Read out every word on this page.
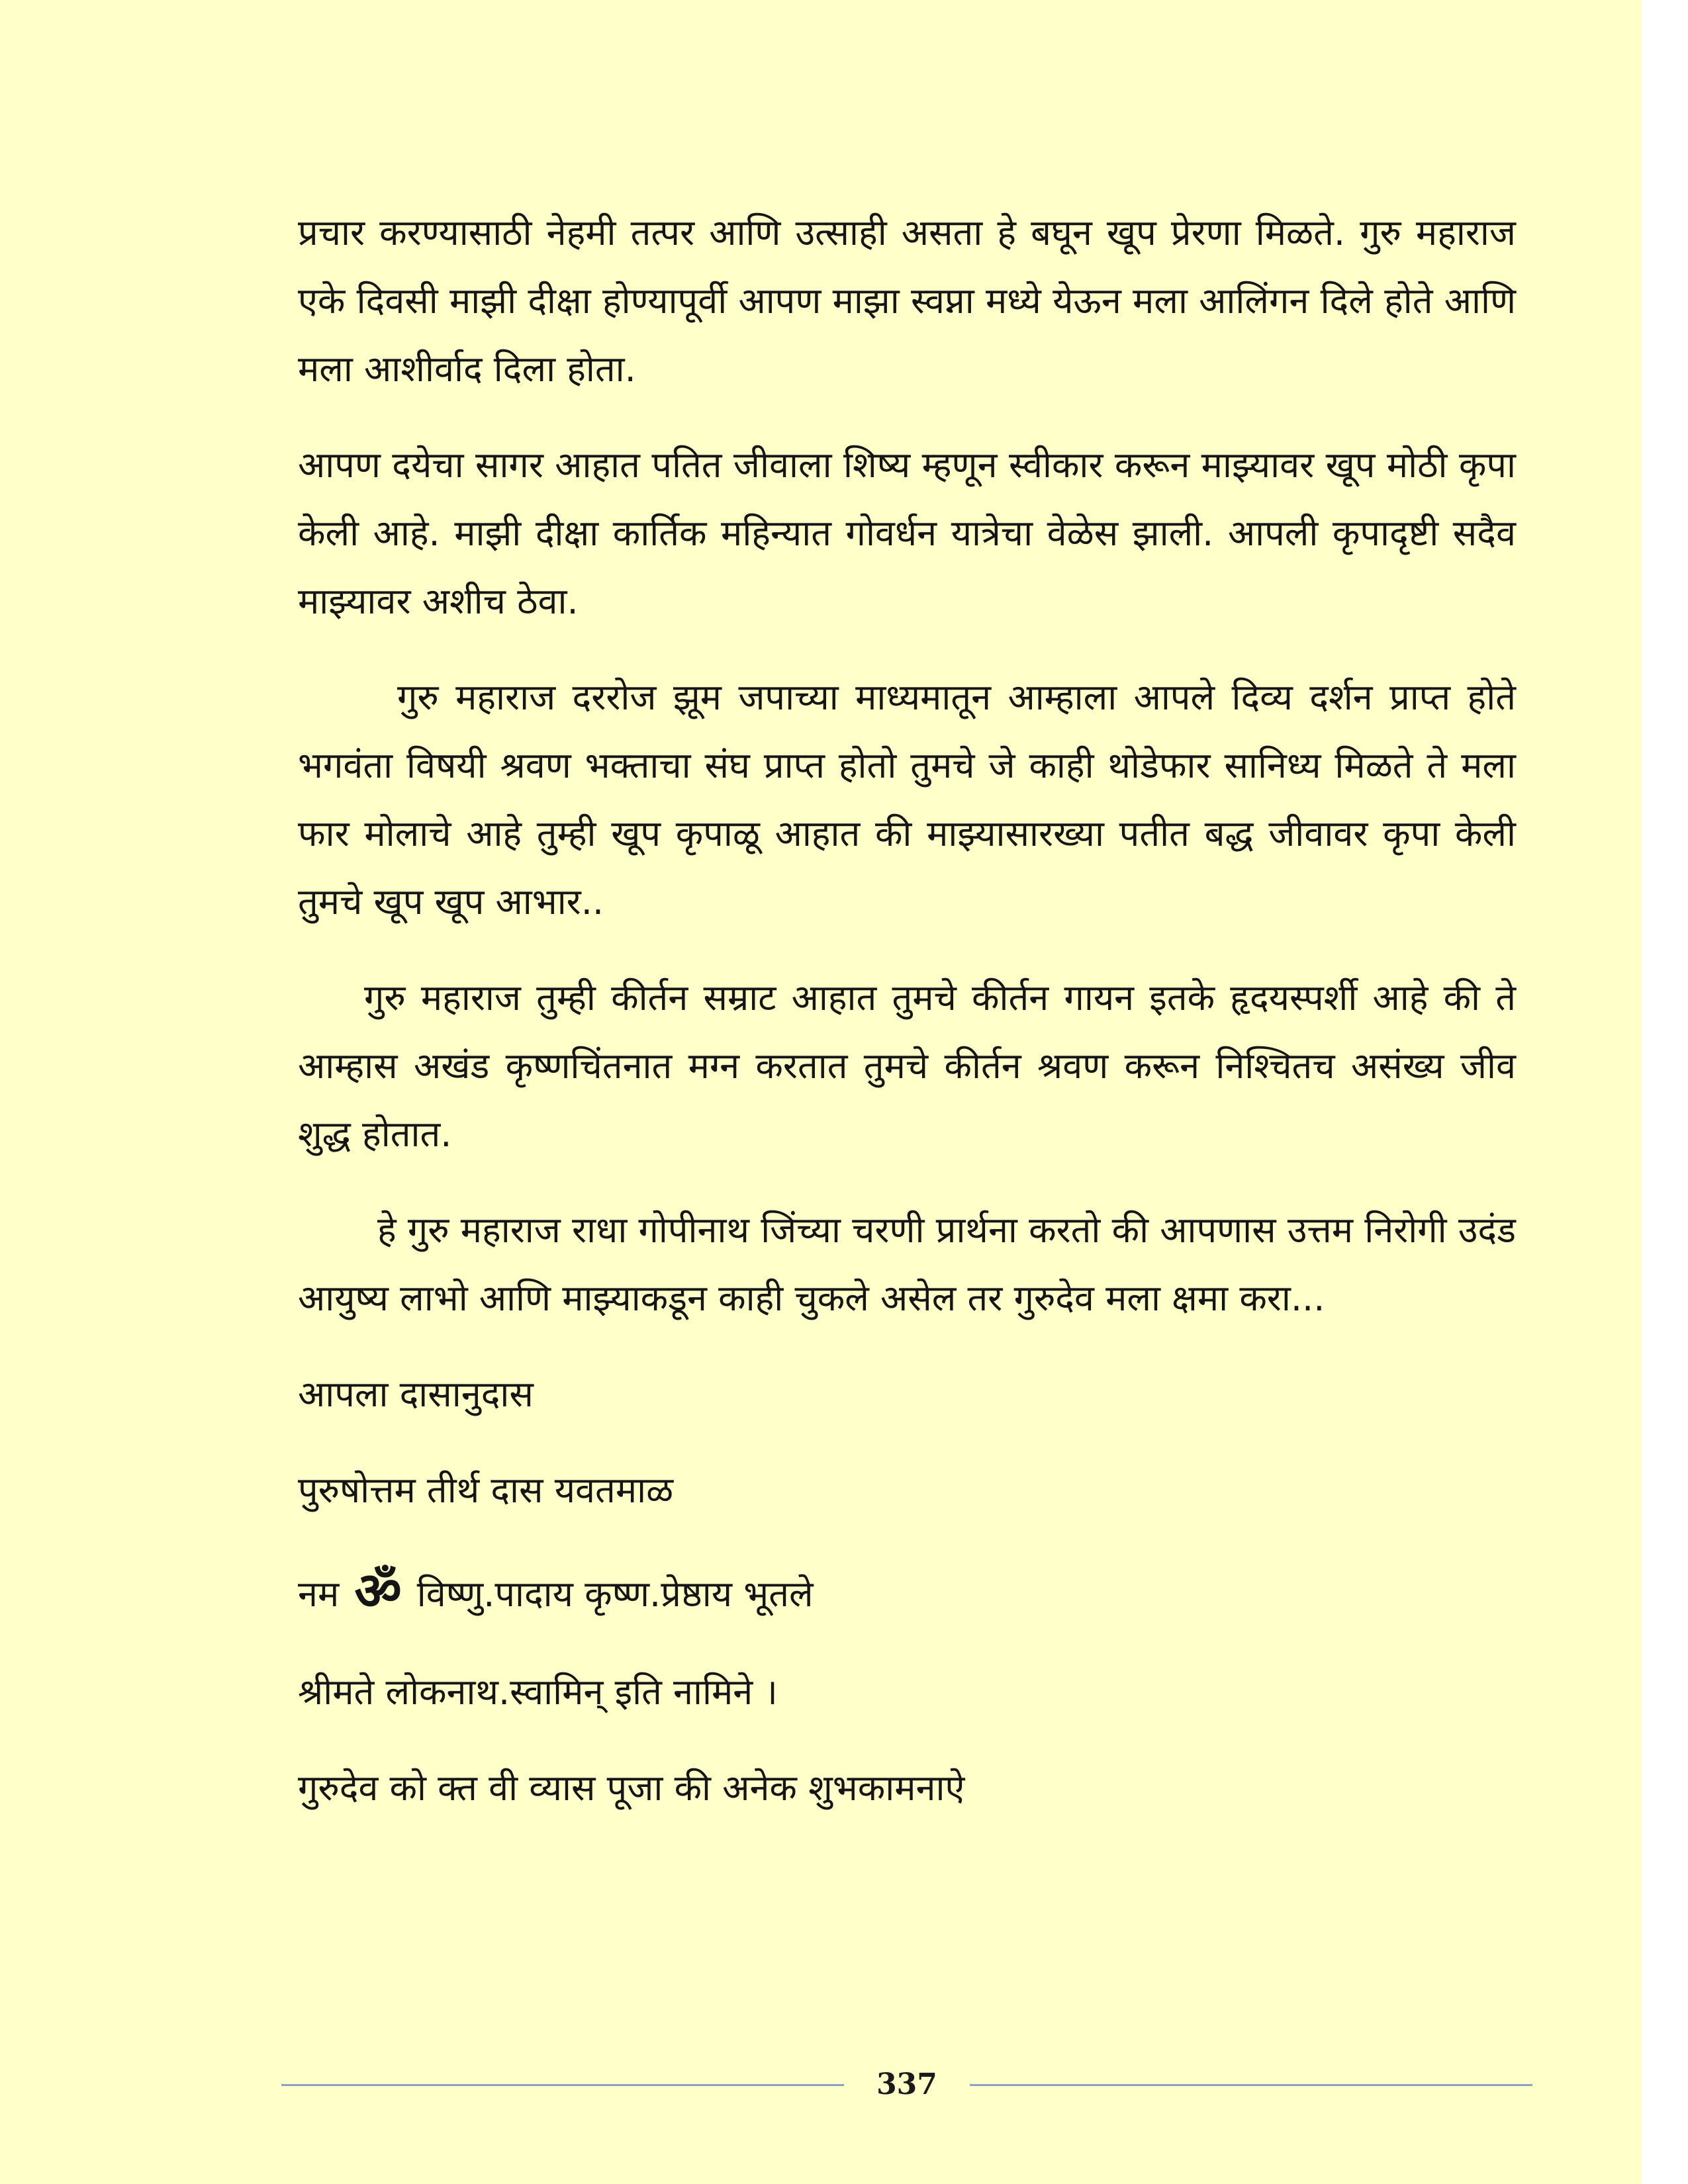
प्रचार करण्यासाठी नेहमी तत्पर आणि उत्साही असता हे बघून खूप प्रेरणा मिळते. गुरु महाराज एके दिवसी माझी दीक्षा होण्यापूर्वी आपण माझा स्वप्ना मध्ये येऊन मला आलिंगन दिले होते आणि मला आशीर्वाद दिला होता.

आपण दयेचा सागर आहात पतित जीवाला शिष्य म्हणून स्वीकार करून माझ्यावर खूप मोठी कृपा केली आहे. माझी दीक्षा कार्तिक महिन्यात गोवर्धन यात्रेचा वेळेस झाली. आपली कृपादृष्टी सदैव माझ्यावर अशीच ठेवा.

गुरु महाराज दररोज झूम जपाच्या माध्यमातून आम्हाला आपले दिव्य दर्शन प्राप्त होते भगवंता विषयी श्रवण भक्ताचा संघ प्राप्त होतो तुमचे जे काही थोडेफार सानिध्य मिळते ते मला फार मोलाचे आहे तुम्ही खूप कृपाळू आहात की माझ्यासारख्या पतीत बद्ध जीवावर कृपा केली तुमचे खूप खूप आभार..

गुरु महाराज तुम्ही कीर्तन सम्राट आहात तुमचे कीर्तन गायन इतके हृदयस्पर्शी आहे की ते आम्हास अखंड कृष्णचिंतनात मग्न करतात तुमचे कीर्तन श्रवण करून निश्चितच असंख्य जीव शुद्ध होतात.

हे गुरु महाराज राधा गोपीनाथ जिंच्या चरणी प्रार्थना करतो की आपणास उत्तम निरोगी उदंड आयुष्य लाभो आणि माझ्याकडून काही चुकले असेल तर गुरुदेव मला क्षमा करा...

आपला दासानुदास
पुरुषोत्तम तीर्थ दास यवतमाळ
नम ॐ विष्णु.पादाय कृष्ण.प्रेष्ठाय भूतले
श्रीमते लोकनाथ.स्वामिन् इति नामिने ।
गुरुदेव को क्त वी व्यास पूजा की अनेक शुभकामनाऐ
337
